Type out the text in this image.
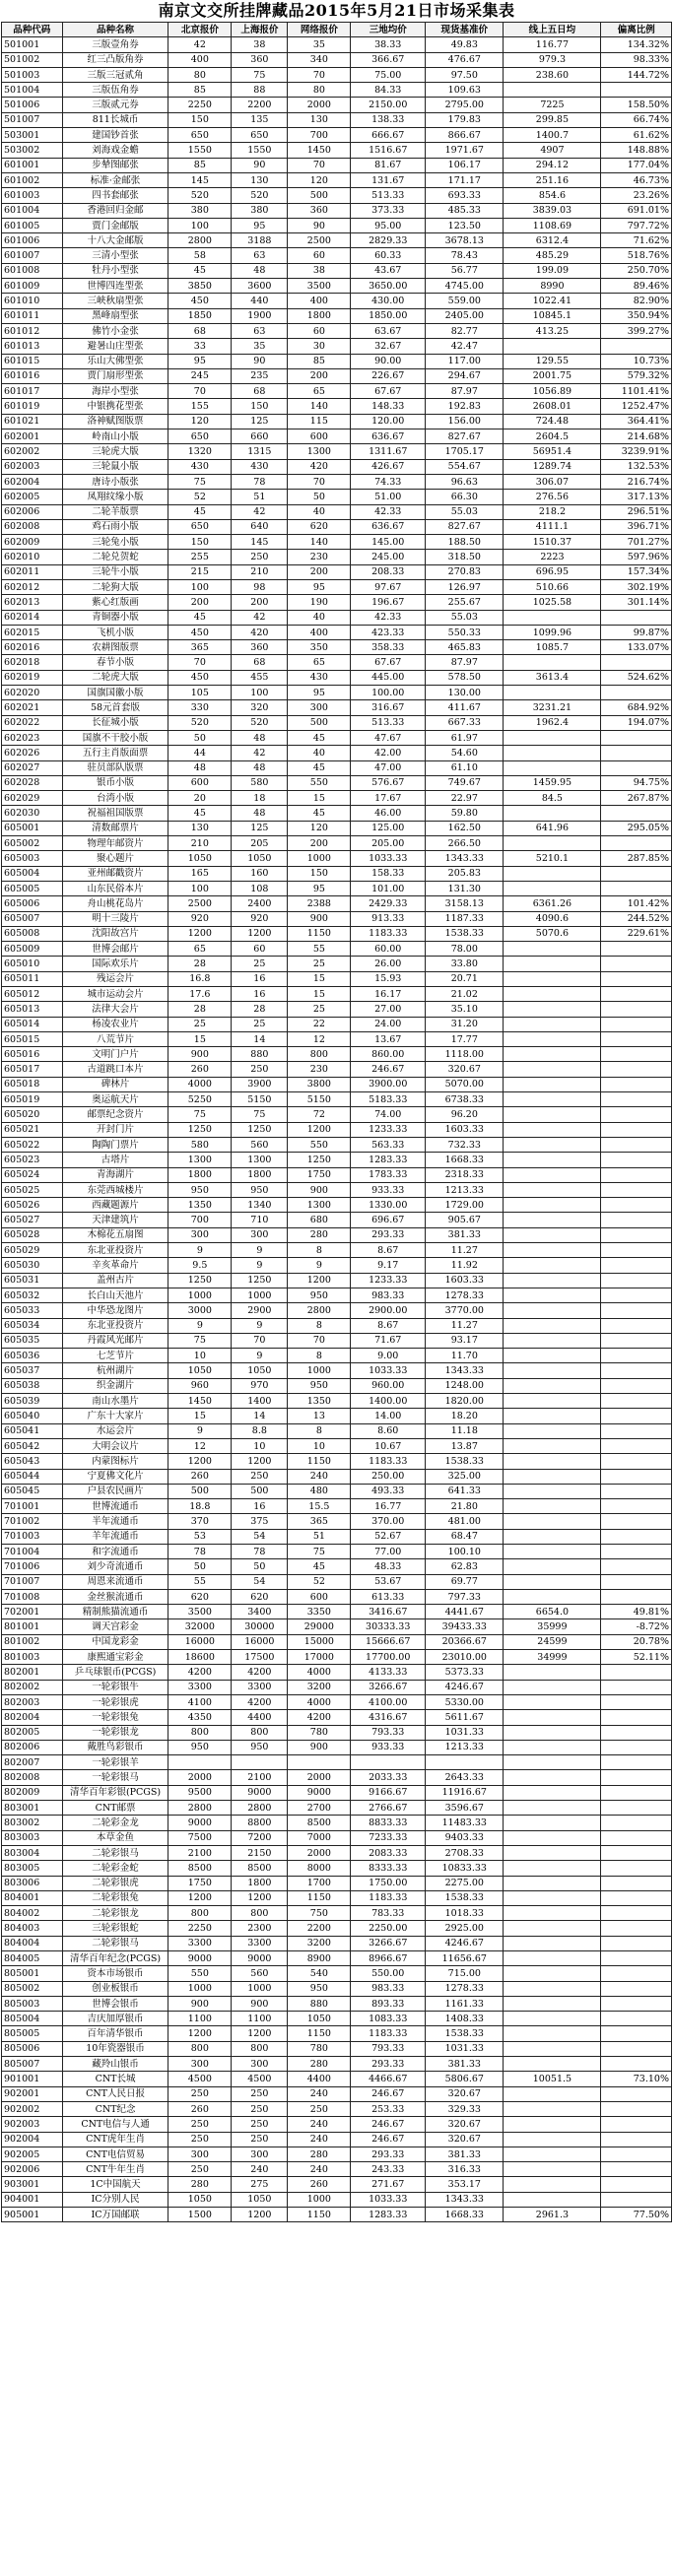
南京文交所挂牌藏品2015年5月21日市场采集表
品种代码	品种名称	北京报价	上海报价	网络报价	三地均价	现货基准价	线上五日均	偏离比例
501001	三版壹角券	42	38	35	38.33	49.83	116.77	134.32%
501002	红三凸版角券	400	360	340	366.67	476.67	979.3	98.33%
501003	三版三冠贰角	80	75	70	75.00	97.50	238.60	144.72%
501004	三版伍角券	85	88	80	84.33	109.63		
501006	三版贰元券	2250	2200	2000	2150.00	2795.00	7225	158.50%
501007	811长城币	150	135	130	138.33	179.83	299.85	66.74%
503001	建国钞首张	650	650	700	666.67	866.67	1400.7	61.62%
503002	刘海戏金蟾	1550	1550	1450	1516.67	1971.67	4907	148.88%
601001	步辇图邮张	85	90	70	81.67	106.17	294.12	177.04%
601002	标准·金邮张	145	130	120	131.67	171.17	251.16	46.73%
601003	四书套邮张	520	520	500	513.33	693.33	854.6	23.26%
601004	香港回归金邮	380	380	360	373.33	485.33	3839.03	691.01%
601005	贾门金邮版	100	95	90	95.00	123.50	1108.69	797.72%
601006	十八大金邮版	2800	3188	2500	2829.33	3678.13	6312.4	71.62%
601007	三清小型张	58	63	60	60.33	78.43	485.29	518.76%
601008	牡丹小型张	45	48	38	43.67	56.77	199.09	250.70%
601009	世博四连型张	3850	3600	3500	3650.00	4745.00	8990	89.46%
601010	三峡秋扇型张	450	440	400	430.00	559.00	1022.41	82.90%
601011	黑峰扇型张	1850	1900	1800	1850.00	2405.00	10845.1	350.94%
601012	佛竹小金张	68	63	60	63.67	82.77	413.25	399.27%
601013	避暑山庄型张	33	35	30	32.67	42.47		
601015	乐山大佛型张	95	90	85	90.00	117.00	129.55	10.73%
601016	贾门扇形型张	245	235	200	226.67	294.67	2001.75	579.32%
601017	海岸小型张	70	68	65	67.67	87.97	1056.89	1101.41%
601019	中银携花型张	155	150	140	148.33	192.83	2608.01	1252.47%
601021	洛神赋图版票	120	125	115	120.00	156.00	724.48	364.41%
602001	岭南山小版	650	660	600	636.67	827.67	2604.5	214.68%
602002	三轮虎大版	1320	1315	1300	1311.67	1705.17	56951.4	3239.91%
602003	三轮鼠小版	430	430	420	426.67	554.67	1289.74	132.53%
602004	唐诗小版张	75	78	70	74.33	96.63	306.07	216.74%
602005	凤翔纹缘小版	52	51	50	51.00	66.30	276.56	317.13%
602006	二轮羊版票	45	42	40	42.33	55.03	218.2	296.51%
602008	鸡石雨小版	650	640	620	636.67	827.67	4111.1	396.71%
602009	三轮兔小版	150	145	140	145.00	188.50	1510.37	701.27%
602010	二轮兑贺蛇	255	250	230	245.00	318.50	2223	597.96%
602011	三轮牛小版	215	210	200	208.33	270.83	696.95	157.34%
602012	二轮狗大版	100	98	95	97.67	126.97	510.66	302.19%
602013	紫心红版画	200	200	190	196.67	255.67	1025.58	301.14%
602014	青铜器小版	45	42	40	42.33	55.03		
602015	飞机小版	450	420	400	423.33	550.33	1099.96	99.87%
602016	农耕图版票	365	360	350	358.33	465.83	1085.7	133.07%
602018	春节小版	70	68	65	67.67	87.97		
602019	二轮虎大版	450	455	430	445.00	578.50	3613.4	524.62%
602020	国旗国徽小版	105	100	95	100.00	130.00		
602021	58元首套版	330	320	300	316.67	411.67	3231.21	684.92%
602022	长征城小版	520	520	500	513.33	667.33	1962.4	194.07%
602023	国旗不干胶小版	50	48	45	47.67	61.97		
602026	五行主肖版面票	44	42	40	42.00	54.60		
602027	驻员部队版票	48	48	45	47.00	61.10		
602028	银币小版	600	580	550	576.67	749.67	1459.95	94.75%
602029	台湾小版	20	18	15	17.67	22.97	84.5	267.87%
602030	祝福祖国版票	45	48	45	46.00	59.80		
605001	清数邮票片	130	125	120	125.00	162.50	641.96	295.05%
605002	物理年邮资片	210	205	200	205.00	266.50		
605003	聚心题片	1050	1050	1000	1033.33	1343.33	5210.1	287.85%
605004	亚州邮戳资片	165	160	150	158.33	205.83		
605005	山东民俗本片	100	108	95	101.00	131.30		
605006	舟山桃花岛片	2500	2400	2388	2429.33	3158.13	6361.26	101.42%
605007	明十三陵片	920	920	900	913.33	1187.33	4090.6	244.52%
605008	沈阳故宫片	1200	1200	1150	1183.33	1538.33	5070.6	229.61%
605009	世博会邮片	65	60	55	60.00	78.00		
605010	国际欢乐片	28	25	25	26.00	33.80		
605011	残运会片	16.8	16	15	15.93	20.71		
605012	城市运动会片	17.6	16	15	16.17	21.02		
605013	法律大会片	28	28	25	27.00	35.10		
605014	杨凌农业片	25	25	22	24.00	31.20		
605015	八荒节片	15	14	12	13.67	17.77		
605016	文明门户片	900	880	800	860.00	1118.00		
605017	古道跳口本片	260	250	230	246.67	320.67		
605018	碑林片	4000	3900	3800	3900.00	5070.00		
605019	奥运航天片	5250	5150	5150	5183.33	6738.33		
605020	邮票纪念资片	75	75	72	74.00	96.20		
605021	开封门片	1250	1250	1200	1233.33	1603.33		
605022	陶陶门票片	580	560	550	563.33	732.33		
605023	古塔片	1300	1300	1250	1283.33	1668.33		
605024	青海湖片	1800	1800	1750	1783.33	2318.33		
605025	东莞西城楼片	950	950	900	933.33	1213.33		
605026	西藏题源片	1350	1340	1300	1330.00	1729.00		
605027	天津建筑片	700	710	680	696.67	905.67		
605028	木棉花五扇图	300	300	280	293.33	381.33		
605029	东北亚投资片	9	9	8	8.67	11.27		
605030	辛亥革命片	9.5	9	9	9.17	11.92		
605031	盖州古片	1250	1250	1200	1233.33	1603.33		
605032	长白山天池片	1000	1000	950	983.33	1278.33		
605033	中华恐龙图片	3000	2900	2800	2900.00	3770.00		
605034	东北亚投资片	9	9	8	8.67	11.27		
605035	丹霞风光邮片	75	70	70	71.67	93.17		
605036	七芝节片	10	9	8	9.00	11.70		
605037	杭州湖片	1050	1050	1000	1033.33	1343.33		
605038	织金湖片	960	970	950	960.00	1248.00		
605039	南山水墨片	1450	1400	1350	1400.00	1820.00		
605040	广东十大家片	15	14	13	14.00	18.20		
605041	水运会片	9	8.8	8	8.60	11.18		
605042	大明会议片	12	10	10	10.67	13.87		
605043	内蒙图标片	1200	1200	1150	1183.33	1538.33		
605044	宁夏佛文化片	260	250	240	250.00	325.00		
605045	户县农民画片	500	500	480	493.33	641.33		
701001	世博流通币	18.8	16	15.5	16.77	21.80		
701002	半年流通币	370	375	365	370.00	481.00		
701003	羊年流通币	53	54	51	52.67	68.47		
701004	和字流通币	78	78	75	77.00	100.10		
701006	刘少奇流通币	50	50	45	48.33	62.83		
701007	周恩来流通币	55	54	52	53.67	69.77		
701008	金丝猴流通币	620	620	600	613.33	797.33		
702001	精制熊猫流通币	3500	3400	3350	3416.67	4441.67	6654.0	49.81%
801001	调天宫彩金	32000	30000	29000	30333.33	39433.33	35999	-8.72%
801002	中国龙彩金	16000	16000	15000	15666.67	20366.67	24599	20.78%
801003	康熙通宝彩金	18600	17500	17000	17700.00	23010.00	34999	52.11%
802001	乒乓球银币(PCGS)	4200	4200	4000	4133.33	5373.33		
802002	一轮彩银牛	3300	3300	3200	3266.67	4246.67		
802003	一轮彩银虎	4100	4200	4000	4100.00	5330.00		
802004	一轮彩银兔	4350	4400	4200	4316.67	5611.67		
802005	一轮彩银龙	800	800	780	793.33	1031.33		
802006	戴胜鸟彩银币	950	950	900	933.33	1213.33		
802007	一轮彩银羊							
802008	一轮彩银马	2000	2100	2000	2033.33	2643.33		
802009	清华百年彩银(PCGS)	9500	9000	9000	9166.67	11916.67		
803001	CNT邮票	2800	2800	2700	2766.67	3596.67		
803002	二轮彩金龙	9000	8800	8500	8833.33	11483.33		
803003	本草金鱼	7500	7200	7000	7233.33	9403.33		
803004	二轮彩银马	2100	2150	2000	2083.33	2708.33		
803005	二轮彩金蛇	8500	8500	8000	8333.33	10833.33		
803006	二轮彩银虎	1750	1800	1700	1750.00	2275.00		
804001	二轮彩银兔	1200	1200	1150	1183.33	1538.33		
804002	二轮彩银龙	800	800	750	783.33	1018.33		
804003	三轮彩银蛇	2250	2300	2200	2250.00	2925.00		
804004	二轮彩银马	3300	3300	3200	3266.67	4246.67		
804005	清华百年纪念(PCGS)	9000	9000	8900	8966.67	11656.67		
805001	资本市场银币	550	560	540	550.00	715.00		
805002	创业板银币	1000	1000	950	983.33	1278.33		
805003	世博会银币	900	900	880	893.33	1161.33		
805004	吉庆加厚银币	1100	1100	1050	1083.33	1408.33		
805005	百年清华银币	1200	1200	1150	1183.33	1538.33		
805006	10年瓷器银币	800	800	780	793.33	1031.33		
805007	藏羚山银币	300	300	280	293.33	381.33		
901001	CNT长城	4500	4500	4400	4466.67	5806.67	10051.5	73.10%
902001	CNT人民日报	250	250	240	246.67	320.67		
902002	CNT纪念	260	250	250	253.33	329.33		
902003	CNT电信与人通	250	250	240	246.67	320.67		
902004	CNT虎年生肖	250	250	240	246.67	320.67		
902005	CNT电信贸易	300	300	280	293.33	381.33		
902006	CNT牛年生肖	250	240	240	243.33	316.33		
903001	1C中国航天	280	275	260	271.67	353.17		
904001	IC分别人民	1050	1050	1000	1033.33	1343.33		
905001	IC万国邮联	1500	1200	1150	1283.33	1668.33	2961.3	77.50%
